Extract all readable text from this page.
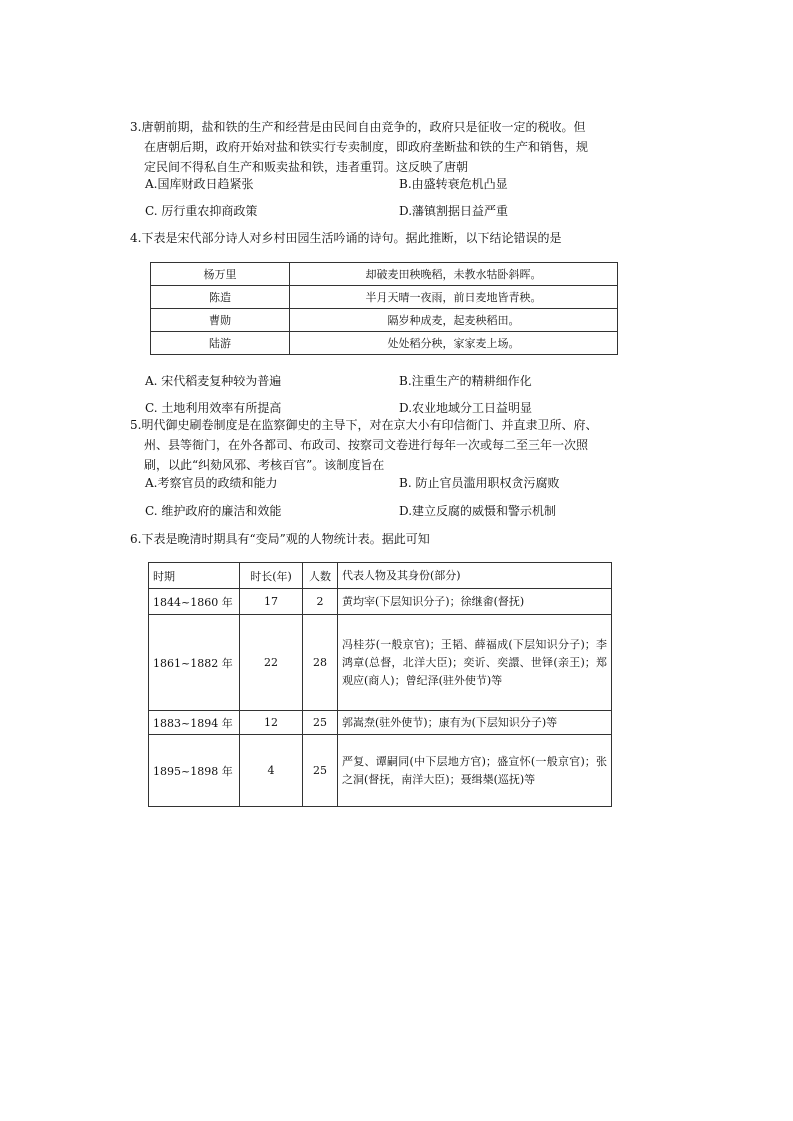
3.唐朝前期，盐和铁的生产和经营是由民间自由竞争的，政府只是征收一定的税收。但
在唐朝后期，政府开始对盐和铁实行专卖制度，即政府垄断盐和铁的生产和销售，规
定民间不得私自生产和贩卖盐和铁，违者重罚。这反映了唐朝
A.国库财政日趋紧张	B.由盛转衰危机凸显
C. 厉行重农抑商政策	D.藩镇割据日益严重
4.下表是宋代部分诗人对乡村田园生活吟诵的诗句。据此推断，以下结论错误的是
杨万里	却破麦田秧晚稻，未教水牯卧斜晖。
陈造	半月天晴一夜雨，前日麦地皆青秧。
曹勋	隔岁种成麦，起麦秧稻田。
陆游	处处稻分秧，家家麦上场。
A. 宋代稻麦复种较为普遍	B.注重生产的精耕细作化
C. 土地利用效率有所提高	D.农业地域分工日益明显
5.明代御史刷卷制度是在监察御史的主导下，对在京大小有印信衙门、并直隶卫所、府、
州、县等衙门，在外各都司、布政司、按察司文卷进行每年一次或每二至三年一次照
刷，以此“纠劾风邪、考核百官”。该制度旨在
A.考察官员的政绩和能力	B. 防止官员滥用职权贪污腐败
C. 维护政府的廉洁和效能	D.建立反腐的威慑和警示机制
6.下表是晚清时期具有“变局”观的人物统计表。据此可知
时期	时长(年)	人数	代表人物及其身份(部分)
1844~1860 年	17	2	黄均宰(下层知识分子)；徐继畬(督抚)
1861~1882 年	22	28	冯桂芬(一般京官)；王韬、薛福成(下层知识分子)；李鸿章(总督，北洋大臣)；奕䜣、奕譞、世铎(亲王)；郑观应(商人)；曾纪泽(驻外使节)等
1883~1894 年	12	25	郭嵩焘(驻外使节)；康有为(下层知识分子)等
1895~1898 年	4	25	严复、谭嗣同(中下层地方官)；盛宣怀(一般京官)；张之洞(督抚，南洋大臣)；聂缉椝(巡抚)等
